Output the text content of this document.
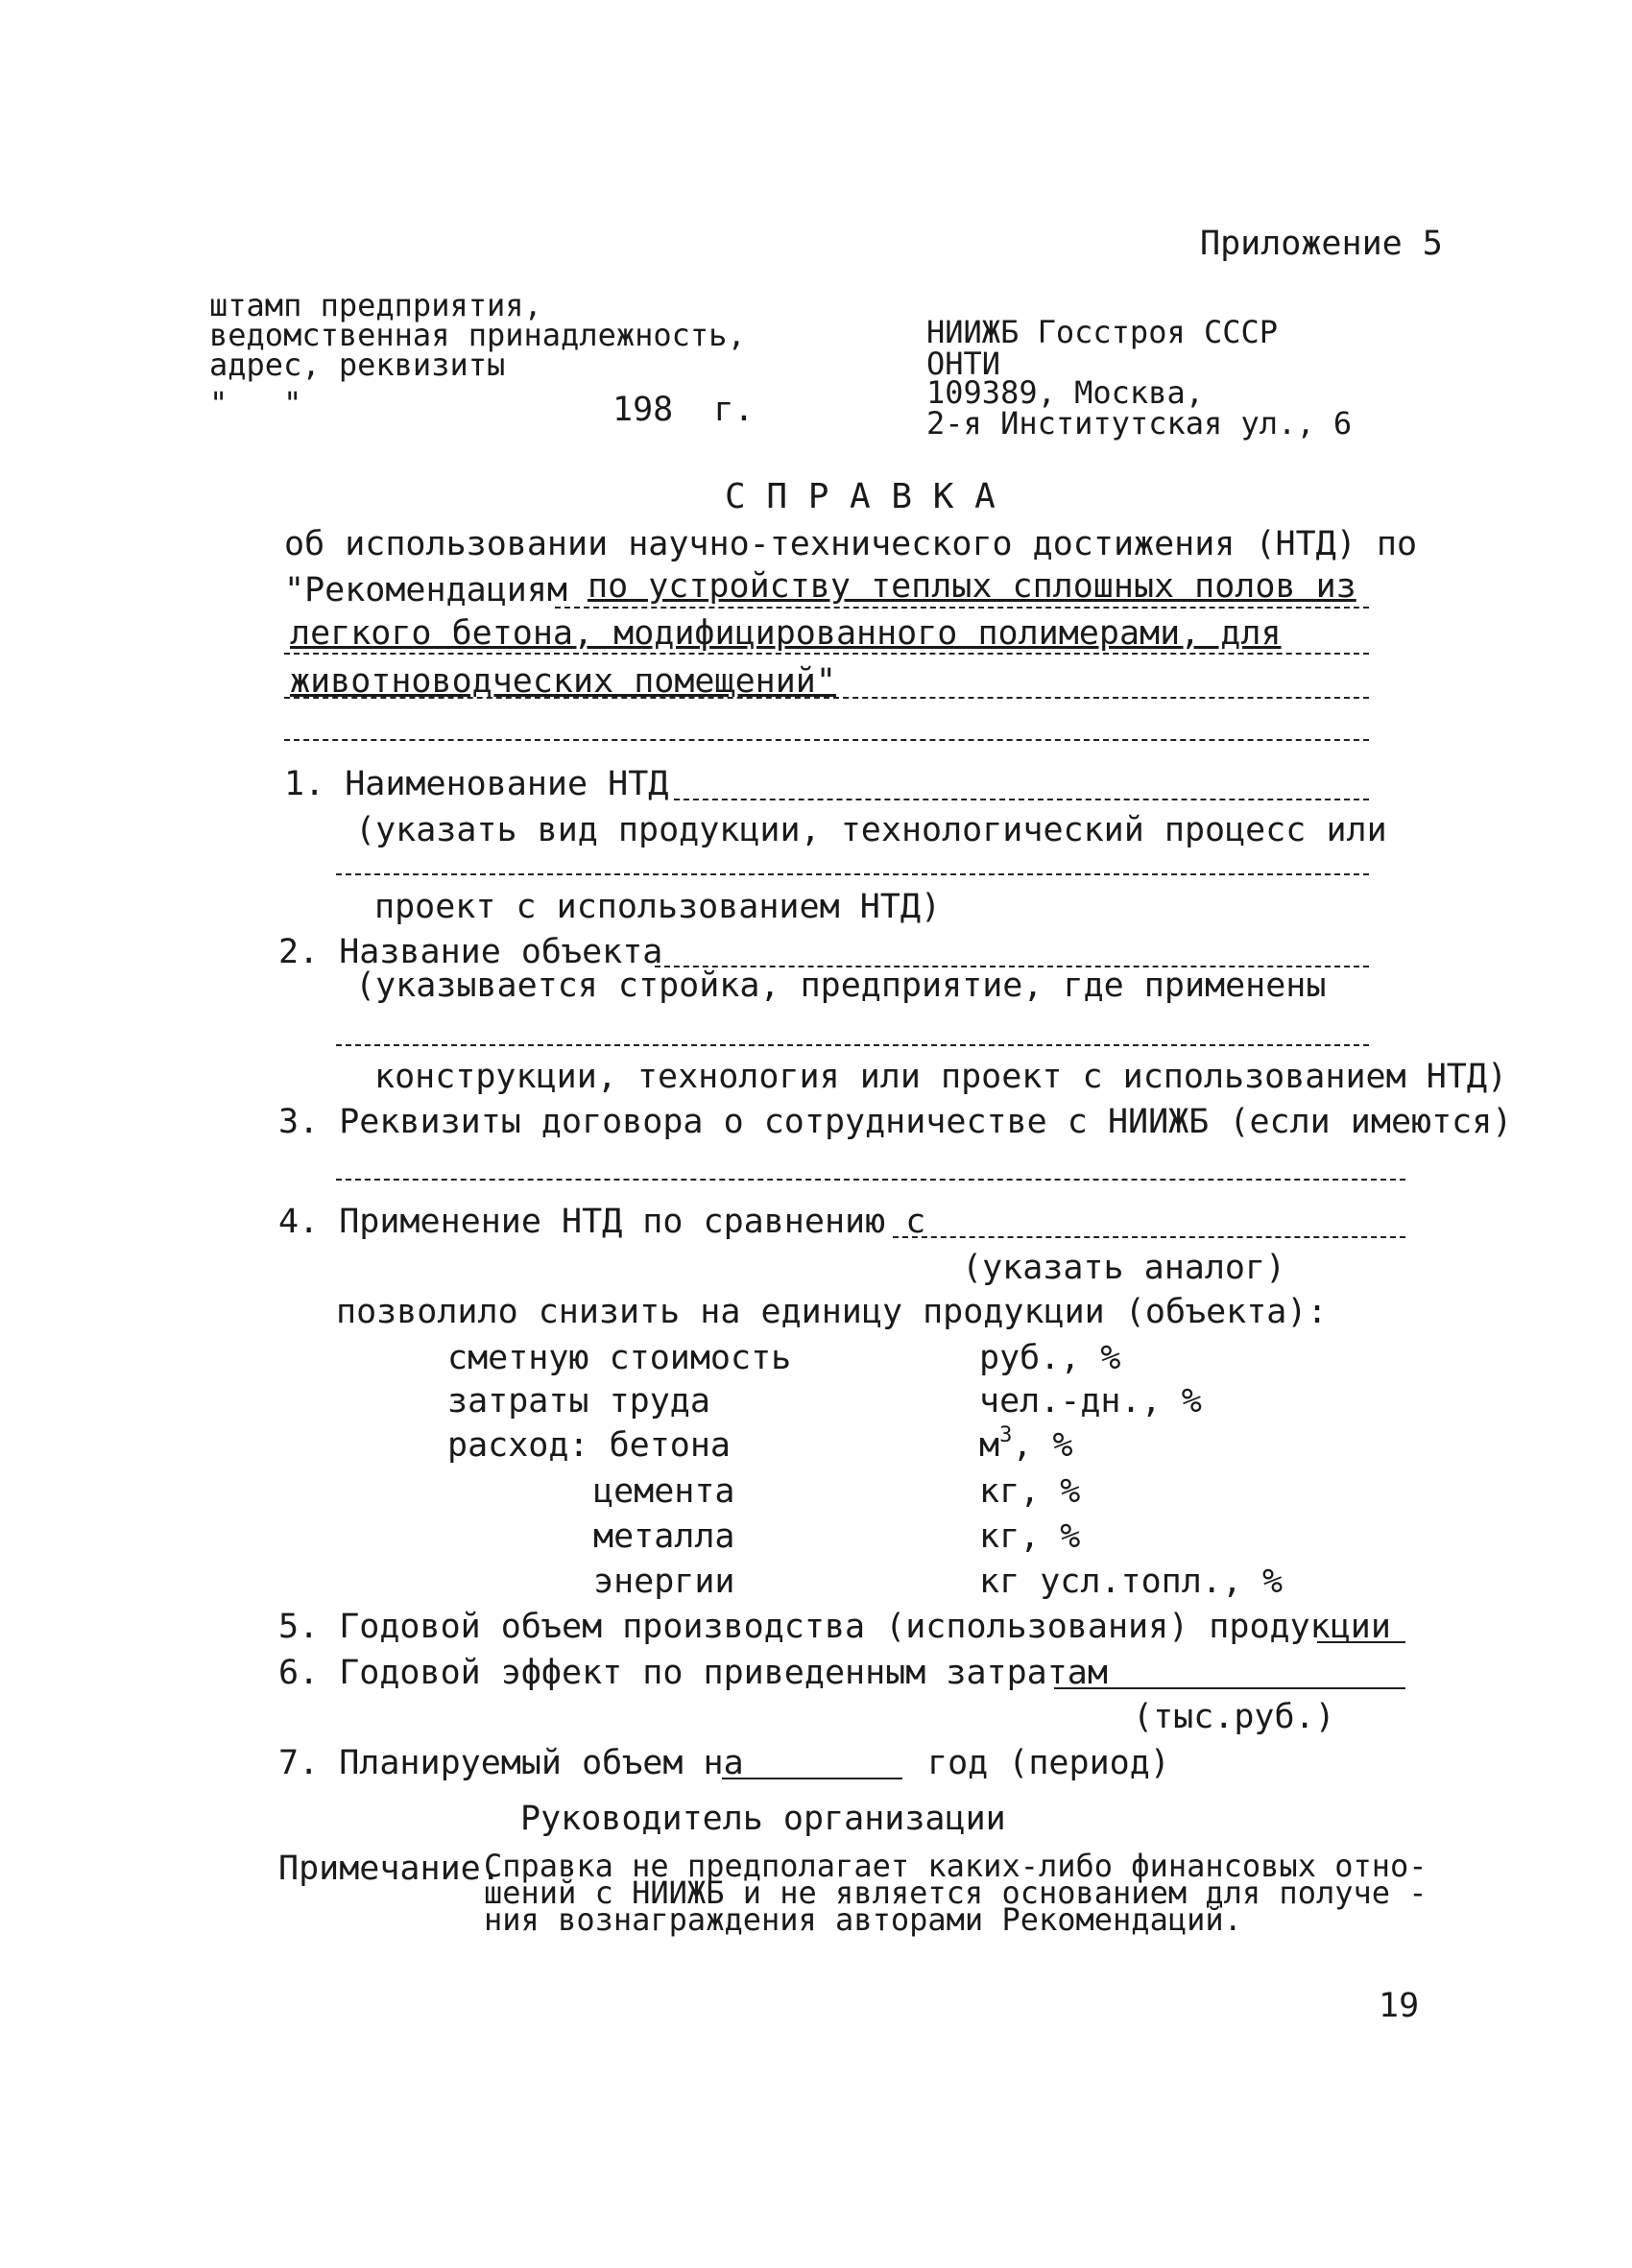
Приложение 5
штамп предприятия,
ведомственная принадлежность,
адрес, реквизиты
"   "	198  г.
НИИЖБ Госстроя СССР
ОНТИ
109389, Москва,
2-я Институтская ул., 6
С П Р А В К А
об использовании научно-технического достижения (НТД) по
"Рекомендациям по устройству теплых сплошных полов из
легкого бетона, модифицированного полимерами, для
животноводческих помещений"
1. Наименование НТД
(указать вид продукции, технологический процесс или
проект с использованием НТД)
2. Название объекта
(указывается стройка, предприятие, где применены
конструкции, технология или проект с использованием НТД)
3. Реквизиты договора о сотрудничестве с НИИЖБ (если имеются)
4. Применение НТД по сравнению с
(указать аналог)
позволило снизить на единицу продукции (объекта):
сметную стоимость	руб., %
затраты труда	чел.-дн., %
расход: бетона	$м^3$, %
цемента	кг, %
металла	кг, %
энергии	кг усл.топл., %
5. Годовой объем производства (использования) продукции
6. Годовой эффект по приведенным затратам
(тыс.руб.)
7. Планируемый объем на	год (период)
Руководитель организации
Примечание.
Справка не предполагает каких-либо финансовых отно-
шений с НИИЖБ и не является основанием для получе -
ния вознаграждения авторами Рекомендаций.
19
